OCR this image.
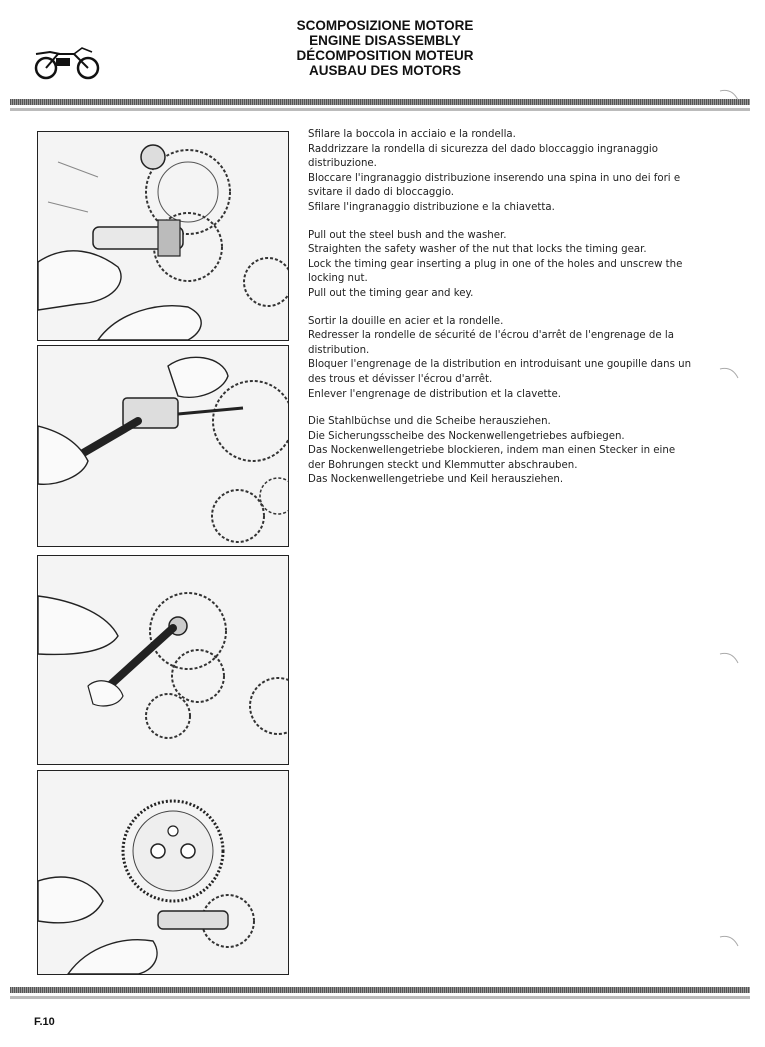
SCOMPOSIZIONE MOTORE
ENGINE DISASSEMBLY
DÉCOMPOSITION MOTEUR
AUSBAU DES MOTORS

Sfilare la boccola in acciaio e la rondella.

Raddrizzare la rondella di sicurezza del dado bloccaggio ingranaggio distribuzione.

Bloccare l'ingranaggio distribuzione inserendo una spina in uno dei fori e svitare il dado di bloccaggio.

Sfilare l'ingranaggio distribuzione e la chiavetta.

Pull out the steel bush and the washer.

Straighten the safety washer of the nut that locks the timing gear.

Lock the timing gear inserting a plug in one of the holes and unscrew the locking nut.

Pull out the timing gear and key.

Sortir la douille en acier et la rondelle.

Redresser la rondelle de sécurité de l'écrou d'arrêt de l'engrenage de la distribution.

Bloquer l'engrenage de la distribution en introduisant une goupille dans un des trous et dévisser l'écrou d'arrêt.

Enlever l'engrenage de distribution et la clavette.

Die Stahlbüchse und die Scheibe herausziehen.

Die Sicherungsscheibe des Nockenwellengetriebes aufbiegen.

Das Nockenwellengetriebe blockieren, indem man einen Stecker in eine der Bohrungen steckt und Klemmutter abschrauben.

Das Nockenwellengetriebe und Keil herausziehen.

F.10
